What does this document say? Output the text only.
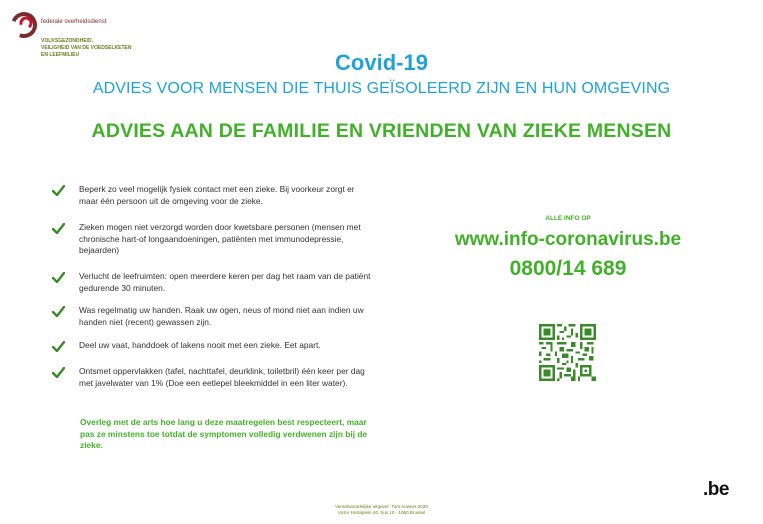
federale overheidsdienst
VOLKSGEZONDHEID,
VEILIGHEID VAN DE VOEDSELKETEN
EN LEEFMILIEU	Covid-19
ADVIES VOOR MENSEN DIE THUIS GEÏSOLEERD ZIJN EN HUN OMGEVING
ADVIES AAN DE FAMILIE EN VRIENDEN VAN ZIEKE MENSEN
Beperk zo veel mogelijk fysiek contact met een zieke. Bij voorkeur zorgt er maar één persoon uit de omgeving voor de zieke.
Zieken mogen niet verzorgd worden door kwetsbare personen (mensen met chronische hart-of longaandoeningen, patiënten met immunodepressie, bejaarden)
Verlucht de leefruimten: open meerdere keren per dag het raam van de patiënt gedurende 30 minuten.
Was regelmatig uw handen. Raak uw ogen, neus of mond niet aan indien uw handen niet (recent) gewassen zijn.
Deel uw vaat, handdoek of lakens nooit met een zieke. Eet apart.
Ontsmet oppervlakken (tafel, nachttafel, deurklink, toiletbril) één keer per dag met javelwater van 1% (Doe een eetlepel bleekmiddel in een liter water).
Overleg met de arts hoe lang u deze maatregelen best respecteert, maar pas ze minstens toe totdat de symptomen volledig verdwenen zijn bij de zieke.
ALLE INFO OP
www.info-coronavirus.be
0800/14 689
.be
Verantwoordelijke uitgever: Tom Auwers 2020
Victor Hortaplein 40, bus 10 - 1060 Brussel
